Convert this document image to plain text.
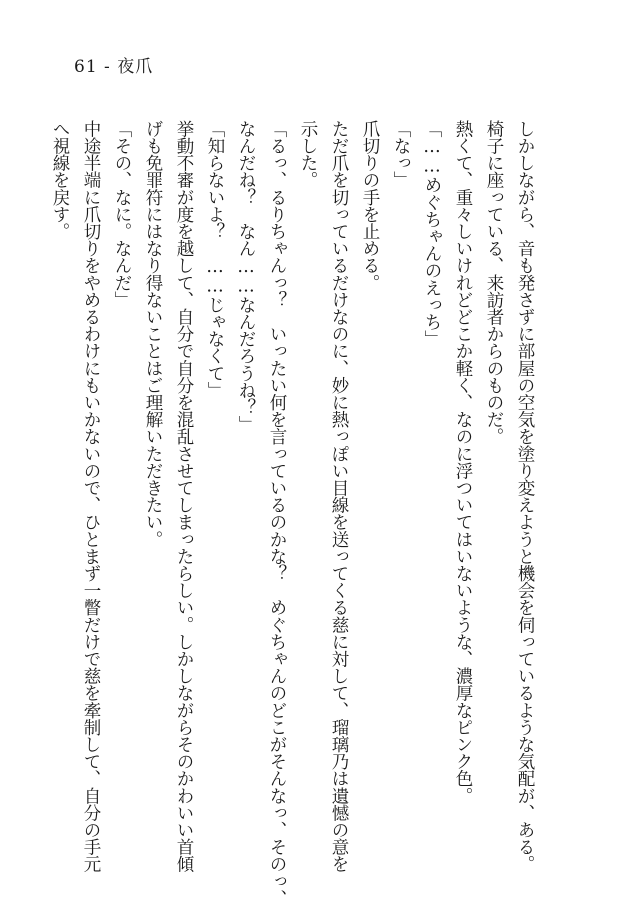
61 - 夜爪
しかしながら、音も発さずに部屋の空気を塗り変えようと機会を伺っているような気配が、ある。
椅子に座っている、来訪者からのものだ。
熱くて、重々しいけれどどこか軽く、なのに浮ついてはいないような、濃厚なピンク色。
「……めぐちゃんのえっち」
「なっ」
爪切りの手を止める。
ただ爪を切っているだけなのに、妙に熱っぽい目線を送ってくる慈に対して、瑠璃乃は遺憾の意を
示した。
「るっ、るりちゃんっ？　いったい何を言っているのかな？　めぐちゃんのどこがそんなっ、そのっ、
なんだね？　なん……なんだろうね？」
「知らないよ？　……じゃなくて」
挙動不審が度を越して、自分で自分を混乱させてしまったらしい。しかしながらそのかわいい首傾
げも免罪符にはなり得ないことはご理解いただきたい。
「その、なに。なんだ」
中途半端に爪切りをやめるわけにもいかないので、ひとまず一瞥だけで慈を牽制して、自分の手元
へ視線を戻す。
